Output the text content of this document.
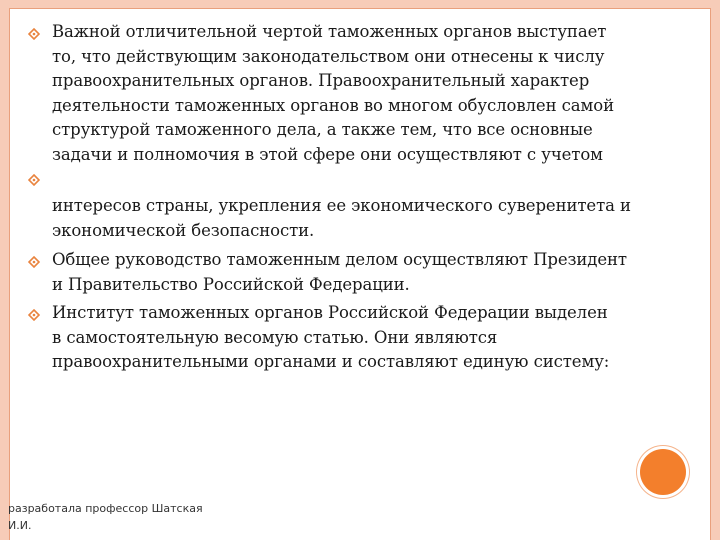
Важной отличительной чертой таможенных органов выступает
то, что действующим законодательством они отнесены к числу
правоохранительных органов. Правоохранительный характер
деятельности таможенных органов во многом обусловлен самой
структурой таможенного дела, а также тем, что все основные
задачи и полномочия в этой сфере они осуществляют с учетом
интересов страны, укрепления ее экономического суверенитета и
экономической безопасности.
Общее руководство таможенным делом осуществляют Президент
и Правительство Российской Федерации.
Институт таможенных органов Российской Федерации выделен
в самостоятельную весомую статью. Они являются
правоохранительными органами и составляют единую систему:
разработала профессор Шатская
И.И.
